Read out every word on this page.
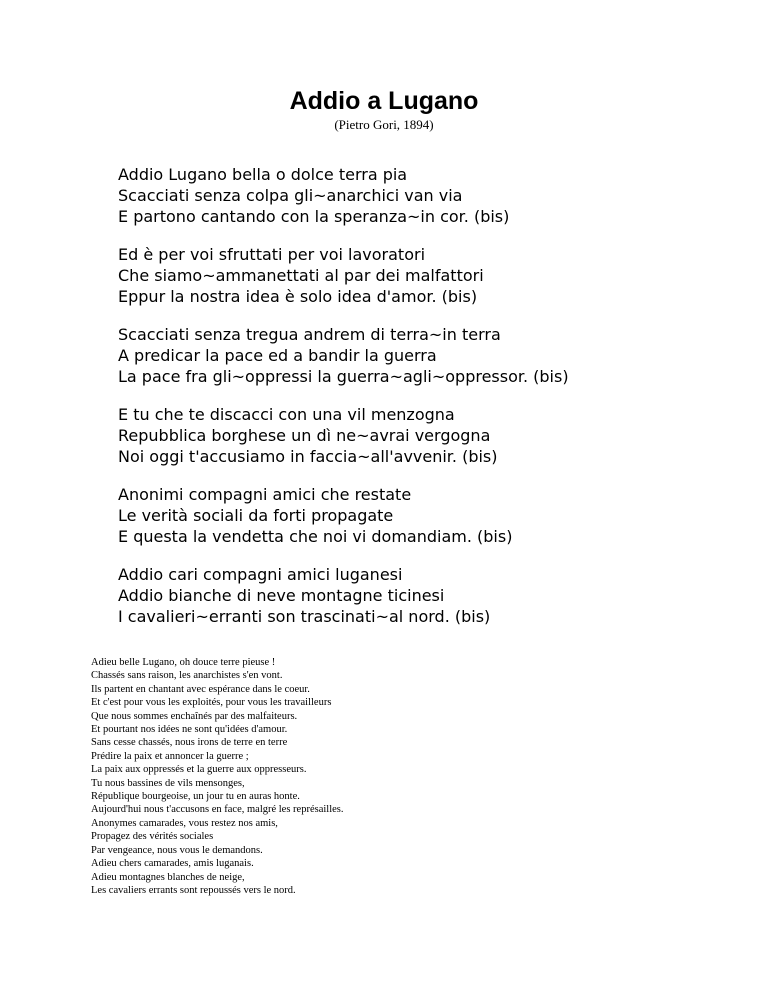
Addio a Lugano
(Pietro Gori, 1894)
Addio Lugano bella o dolce terra pia
Scacciati senza colpa gli~anarchici van via
E partono cantando con la speranza~in cor. (bis)
Ed è per voi sfruttati per voi lavoratori
Che siamo~ammanettati al par dei malfattori
Eppur la nostra idea è solo idea d'amor. (bis)
Scacciati senza tregua andrem di terra~in terra
A predicar la pace ed a bandir la guerra
La pace fra gli~oppressi la guerra~agli~oppressor. (bis)
E tu che te discacci con una vil menzogna
Repubblica borghese un dì ne~avrai vergogna
Noi oggi t'accusiamo in faccia~all'avvenir. (bis)
Anonimi compagni amici che restate
Le verità sociali da forti propagate
E questa la vendetta che noi vi domandiam. (bis)
Addio cari compagni amici luganesi
Addio bianche di neve montagne ticinesi
I cavalieri~erranti son trascinati~al nord. (bis)
Adieu belle Lugano, oh douce terre pieuse !
Chassés sans raison, les anarchistes s'en vont.
Ils partent en chantant avec espérance dans le coeur.
Et c'est pour vous les exploités, pour vous les travailleurs
Que nous sommes enchaînés par des malfaiteurs.
Et pourtant nos idées ne sont qu'idées d'amour.
Sans cesse chassés, nous irons de terre en terre
Prédire la paix et annoncer la guerre ;
La paix aux oppressés et la guerre aux oppresseurs.
Tu nous bassines de vils mensonges,
République bourgeoise, un jour tu en auras honte.
Aujourd'hui nous t'accusons en face, malgré les représailles.
Anonymes camarades, vous restez nos amis,
Propagez des vérités sociales
Par vengeance, nous vous le demandons.
Adieu chers camarades, amis luganais.
Adieu montagnes blanches de neige,
Les cavaliers errants sont repoussés vers le nord.
